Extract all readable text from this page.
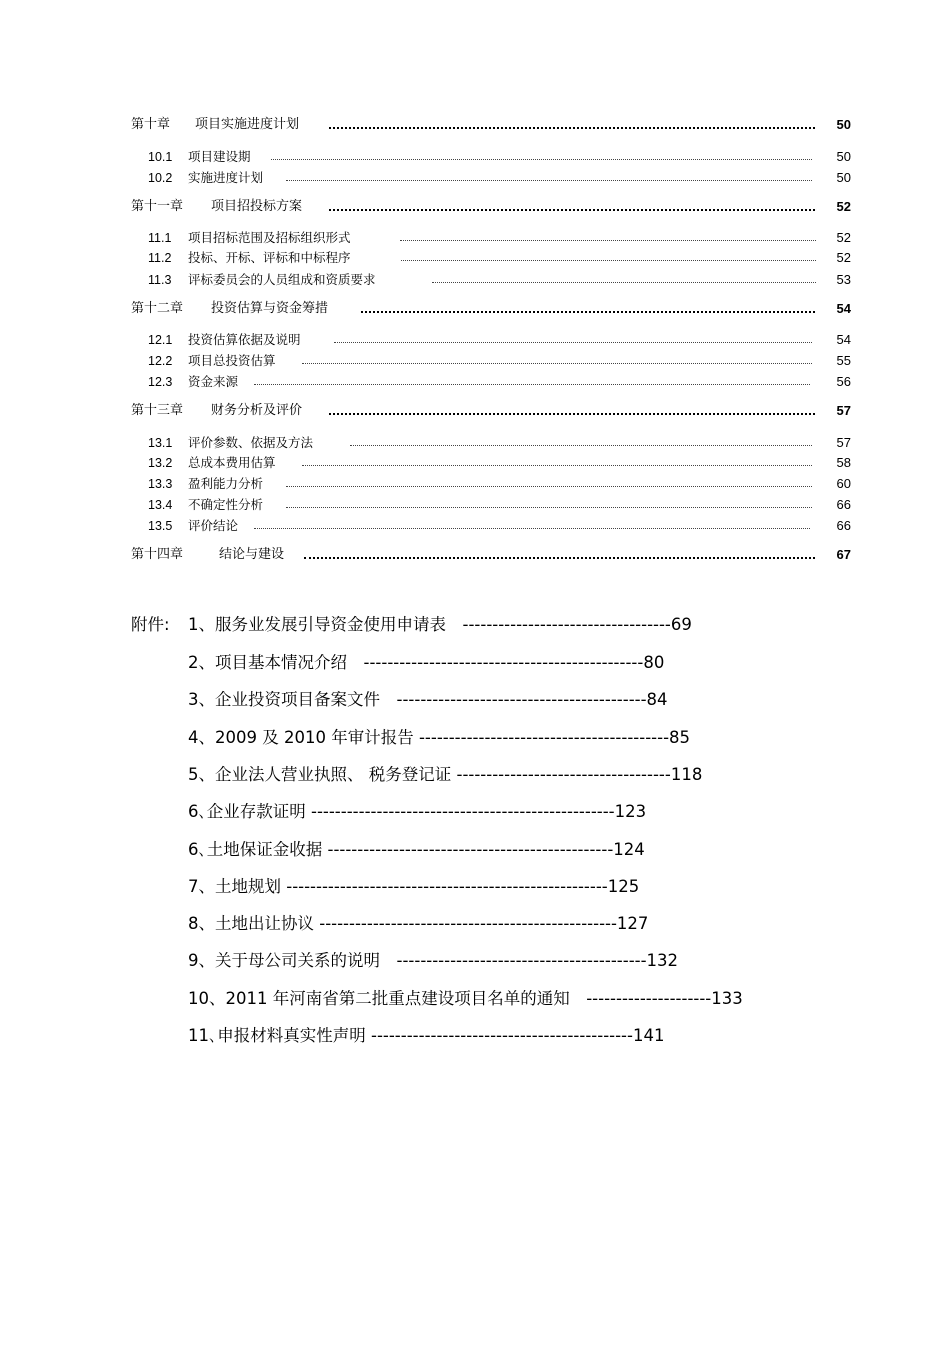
第十章 项目实施进度计划	50
10.1 项目建设期	50
10.2 实施进度计划	50
第十一章 项目招投标方案	52
11.1 项目招标范围及招标组织形式	52
11.2 投标、开标、评标和中标程序	52
11.3 评标委员会的人员组成和资质要求	53
第十二章 投资估算与资金筹措	54
12.1 投资估算依据及说明	54
12.2 项目总投资估算	55
12.3 资金来源	56
第十三章 财务分析及评价	57
13.1 评价参数、依据及方法	57
13.2 总成本费用估算	58
13.3 盈利能力分析	60
13.4 不确定性分析	66
13.5 评价结论	66
第十四章	结论与建设	67
附件: 1、服务业发展引导资金使用申请表　-----------------------------------69
2、项目基本情况介绍　-----------------------------------------------80
3、企业投资项目备案文件　------------------------------------------84
4、2009 及 2010 年审计报告 ------------------------------------------85
5、企业法人营业执照、 税务登记证 ------------------------------------118
6､企业存款证明 ---------------------------------------------------123
6､土地保证金收据 ------------------------------------------------124
7、土地规划 ------------------------------------------------------125
8、土地出让协议 --------------------------------------------------127
9、关于母公司关系的说明　------------------------------------------132
10、2011 年河南省第二批重点建设项目名单的通知　---------------------133
11､申报材料真实性声明 --------------------------------------------141
